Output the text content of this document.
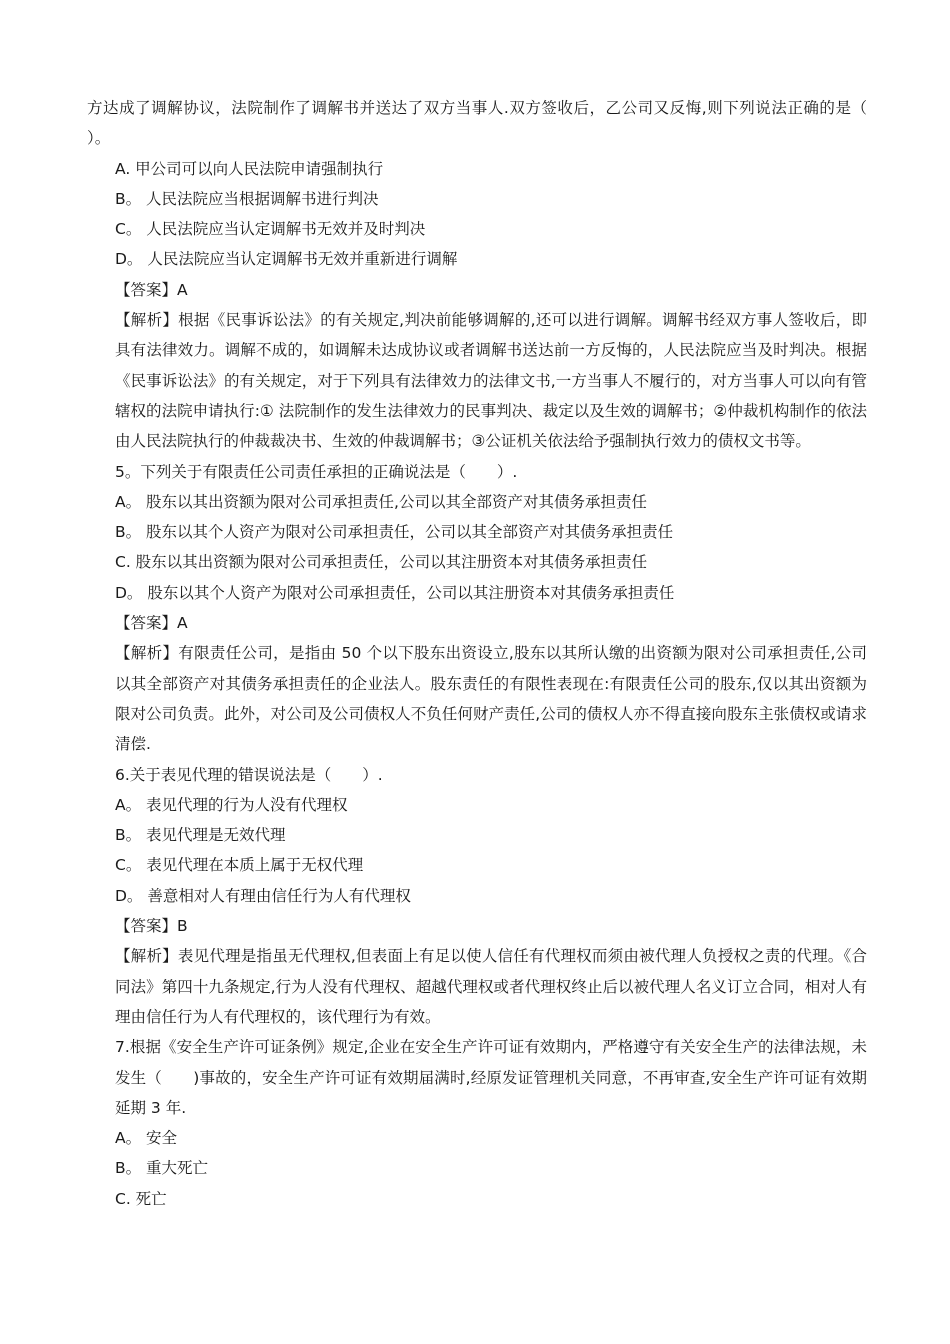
方达成了调解协议，法院制作了调解书并送达了双方当事人.双方签收后，乙公司又反悔,则下列说法正确的是（　 ）。

A. 甲公司可以向人民法院申请强制执行

B。 人民法院应当根据调解书进行判决

C。 人民法院应当认定调解书无效并及时判决

D。 人民法院应当认定调解书无效并重新进行调解

【答案】A

【解析】根据《民事诉讼法》的有关规定,判决前能够调解的,还可以进行调解。调解书经双方事人签收后，即具有法律效力。调解不成的，如调解未达成协议或者调解书送达前一方反悔的，人民法院应当及时判决。根据《民事诉讼法》的有关规定，对于下列具有法律效力的法律文书,一方当事人不履行的，对方当事人可以向有管辖权的法院申请执行:① 法院制作的发生法律效力的民事判决、裁定以及生效的调解书；②仲裁机构制作的依法由人民法院执行的仲裁裁决书、生效的仲裁调解书；③公证机关依法给予强制执行效力的债权文书等。

5。下列关于有限责任公司责任承担的正确说法是（　　）.

A。 股东以其出资额为限对公司承担责任,公司以其全部资产对其债务承担责任

B。 股东以其个人资产为限对公司承担责任，公司以其全部资产对其债务承担责任

C. 股东以其出资额为限对公司承担责任，公司以其注册资本对其债务承担责任

D。 股东以其个人资产为限对公司承担责任，公司以其注册资本对其债务承担责任

【答案】A

【解析】有限责任公司，是指由 50 个以下股东出资设立,股东以其所认缴的出资额为限对公司承担责任,公司以其全部资产对其债务承担责任的企业法人。股东责任的有限性表现在:有限责任公司的股东,仅以其出资额为限对公司负责。此外，对公司及公司债权人不负任何财产责任,公司的债权人亦不得直接向股东主张债权或请求清偿.

6.关于表见代理的错误说法是（　　）.

A。 表见代理的行为人没有代理权

B。 表见代理是无效代理

C。 表见代理在本质上属于无权代理

D。 善意相对人有理由信任行为人有代理权

【答案】B

【解析】表见代理是指虽无代理权,但表面上有足以使人信任有代理权而须由被代理人负授权之责的代理。《合同法》第四十九条规定,行为人没有代理权、超越代理权或者代理权终止后以被代理人名义订立合同，相对人有理由信任行为人有代理权的，该代理行为有效。

7.根据《安全生产许可证条例》规定,企业在安全生产许可证有效期内，严格遵守有关安全生产的法律法规，未发生（　　)事故的，安全生产许可证有效期届满时,经原发证管理机关同意，不再审查,安全生产许可证有效期延期 3 年.

A。 安全

B。 重大死亡

C. 死亡
